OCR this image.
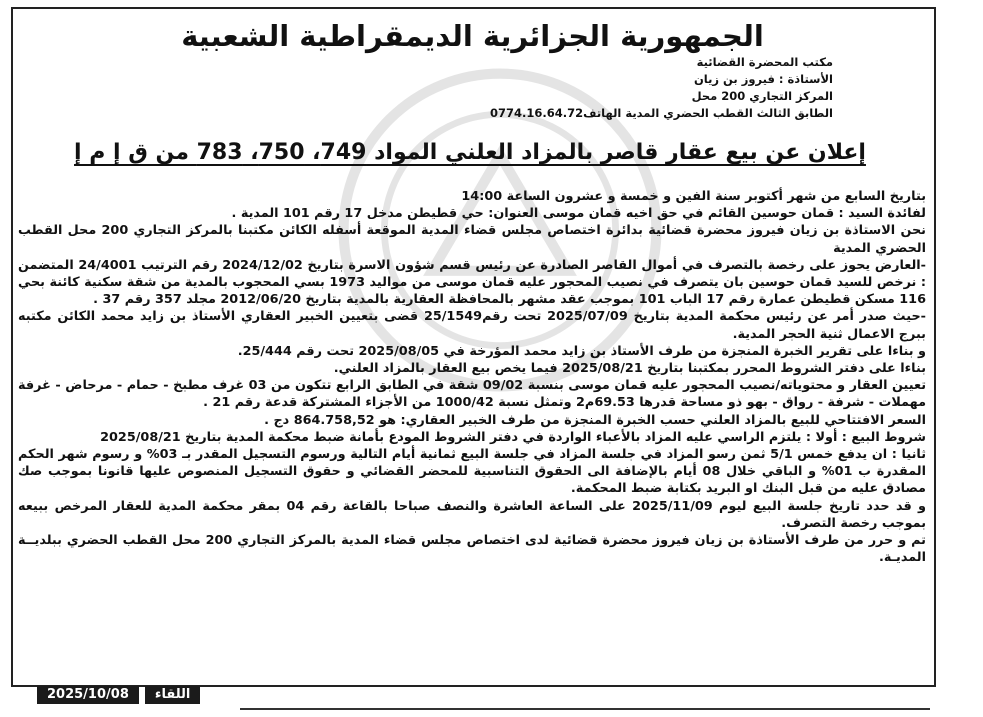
الجمهورية الجزائرية الديمقراطية الشعبية
مكتب المحضرة القضائية
الأستاذة : فيروز بن زيان
المركز التجاري 200 محل
الطابق الثالث القطب الحضري المدية الهاتف0774.16.64.72
إعلان عن بيع عقار قاصر بالمزاد العلني المواد 749، 750، 783 من ق إ م إ

بتاريخ السابع من شهر أكتوبر سنة الفين و خمسة و عشرون الساعة 14:00

لفائدة السيد : قمان حوسين القائم في حق اخيه قمان موسى العنوان: حي قطيطن مدخل 17 رقم 101 المدية .

نحن الاستاذة بن زيان فيروز محضرة قضائية بدائرة اختصاص مجلس قضاء المدية الموقعة أسفله الكائن مكتبنا بالمركز التجاري 200 محل القطب الحضري المدية

-العارض يحوز على رخصة بالتصرف في أموال القاصر الصادرة عن رئيس قسم شؤون الاسرة بتاريخ 2024/12/02 رقم الترتيب 24/4001 المتضمن : نرخص للسيد قمان حوسين بان يتصرف في نصيب المحجور عليه قمان موسى من مواليد 1973 بسي المحجوب بالمدية من شقة سكنية كائنة بحي 116 مسكن قطيطن عمارة رقم 17 الباب 101 بموجب عقد مشهر بالمحافظة العقارية بالمدية بتاريخ 2012/06/20 مجلد 357 رقم 37 .

-حيث صدر أمر عن رئيس محكمة المدية بتاريخ 2025/07/09 تحت رقم25/1549 قضى بتعيين الخبير العقاري الأستاذ بن زايد محمد الكائن مكتبه ببرج الاعمال ثنية الحجر المدية.

و بناءا على تقرير الخبرة المنجزة من طرف الأستاذ بن زايد محمد المؤرخة في 2025/08/05 تحت رقم 25/444.

بناءا على دفتر الشروط المحرر بمكتبنا بتاريخ 2025/08/21 فيما يخص بيع العقار بالمزاد العلني.

تعيين العقار و محتوياته/نصيب المحجور عليه قمان موسى بنسبة 09/02 شقة في الطابق الرابع تتكون من 03 غرف مطبخ - حمام - مرحاض - غرفة مهملات - شرفة - رواق - بهو ذو مساحة قدرها 69.53م2 وتمثل نسبة 1000/42 من الأجزاء المشتركة قدعة رقم 21 .

السعر الافتتاحي للبيع بالمزاد العلني حسب الخبرة المنجزة من طرف الخبير العقاري: هو 864.758,52 دج .

شروط البيع : أولا : يلتزم الراسي عليه المزاد بالأعباء الواردة في دفتر الشروط المودع بأمانة ضبط محكمة المدية بتاريخ 2025/08/21

ثانيا : ان يدفع خمس 5/1 ثمن رسو المزاد في جلسة المزاد في جلسة البيع ثمانية أيام التالية ورسوم التسجيل المقدر بـ 03% و رسوم شهر الحكم المقدرة ب 01% و الباقي خلال 08 أيام بالإضافة الى الحقوق التناسبية للمحضر القضائي و حقوق التسجيل المنصوص عليها قانونا بموجب صك مصادق عليه من قبل البنك او البريد بكتابة ضبط المحكمة.

و قد حدد تاريخ جلسة البيع ليوم 2025/11/09 على الساعة العاشرة والنصف صباحا بالقاعة رقم 04 بمقر محكمة المدية للعقار المرخص ببيعه بموجب رخصة التصرف.

تم و حرر من طرف الأستاذة بن زيان فيروز محضرة قضائية لدى اختصاص مجلس قضاء المدية بالمركز التجاري 200 محل القطب الحضري ببلديــة المديـة.

اللقاء
2025/10/08
